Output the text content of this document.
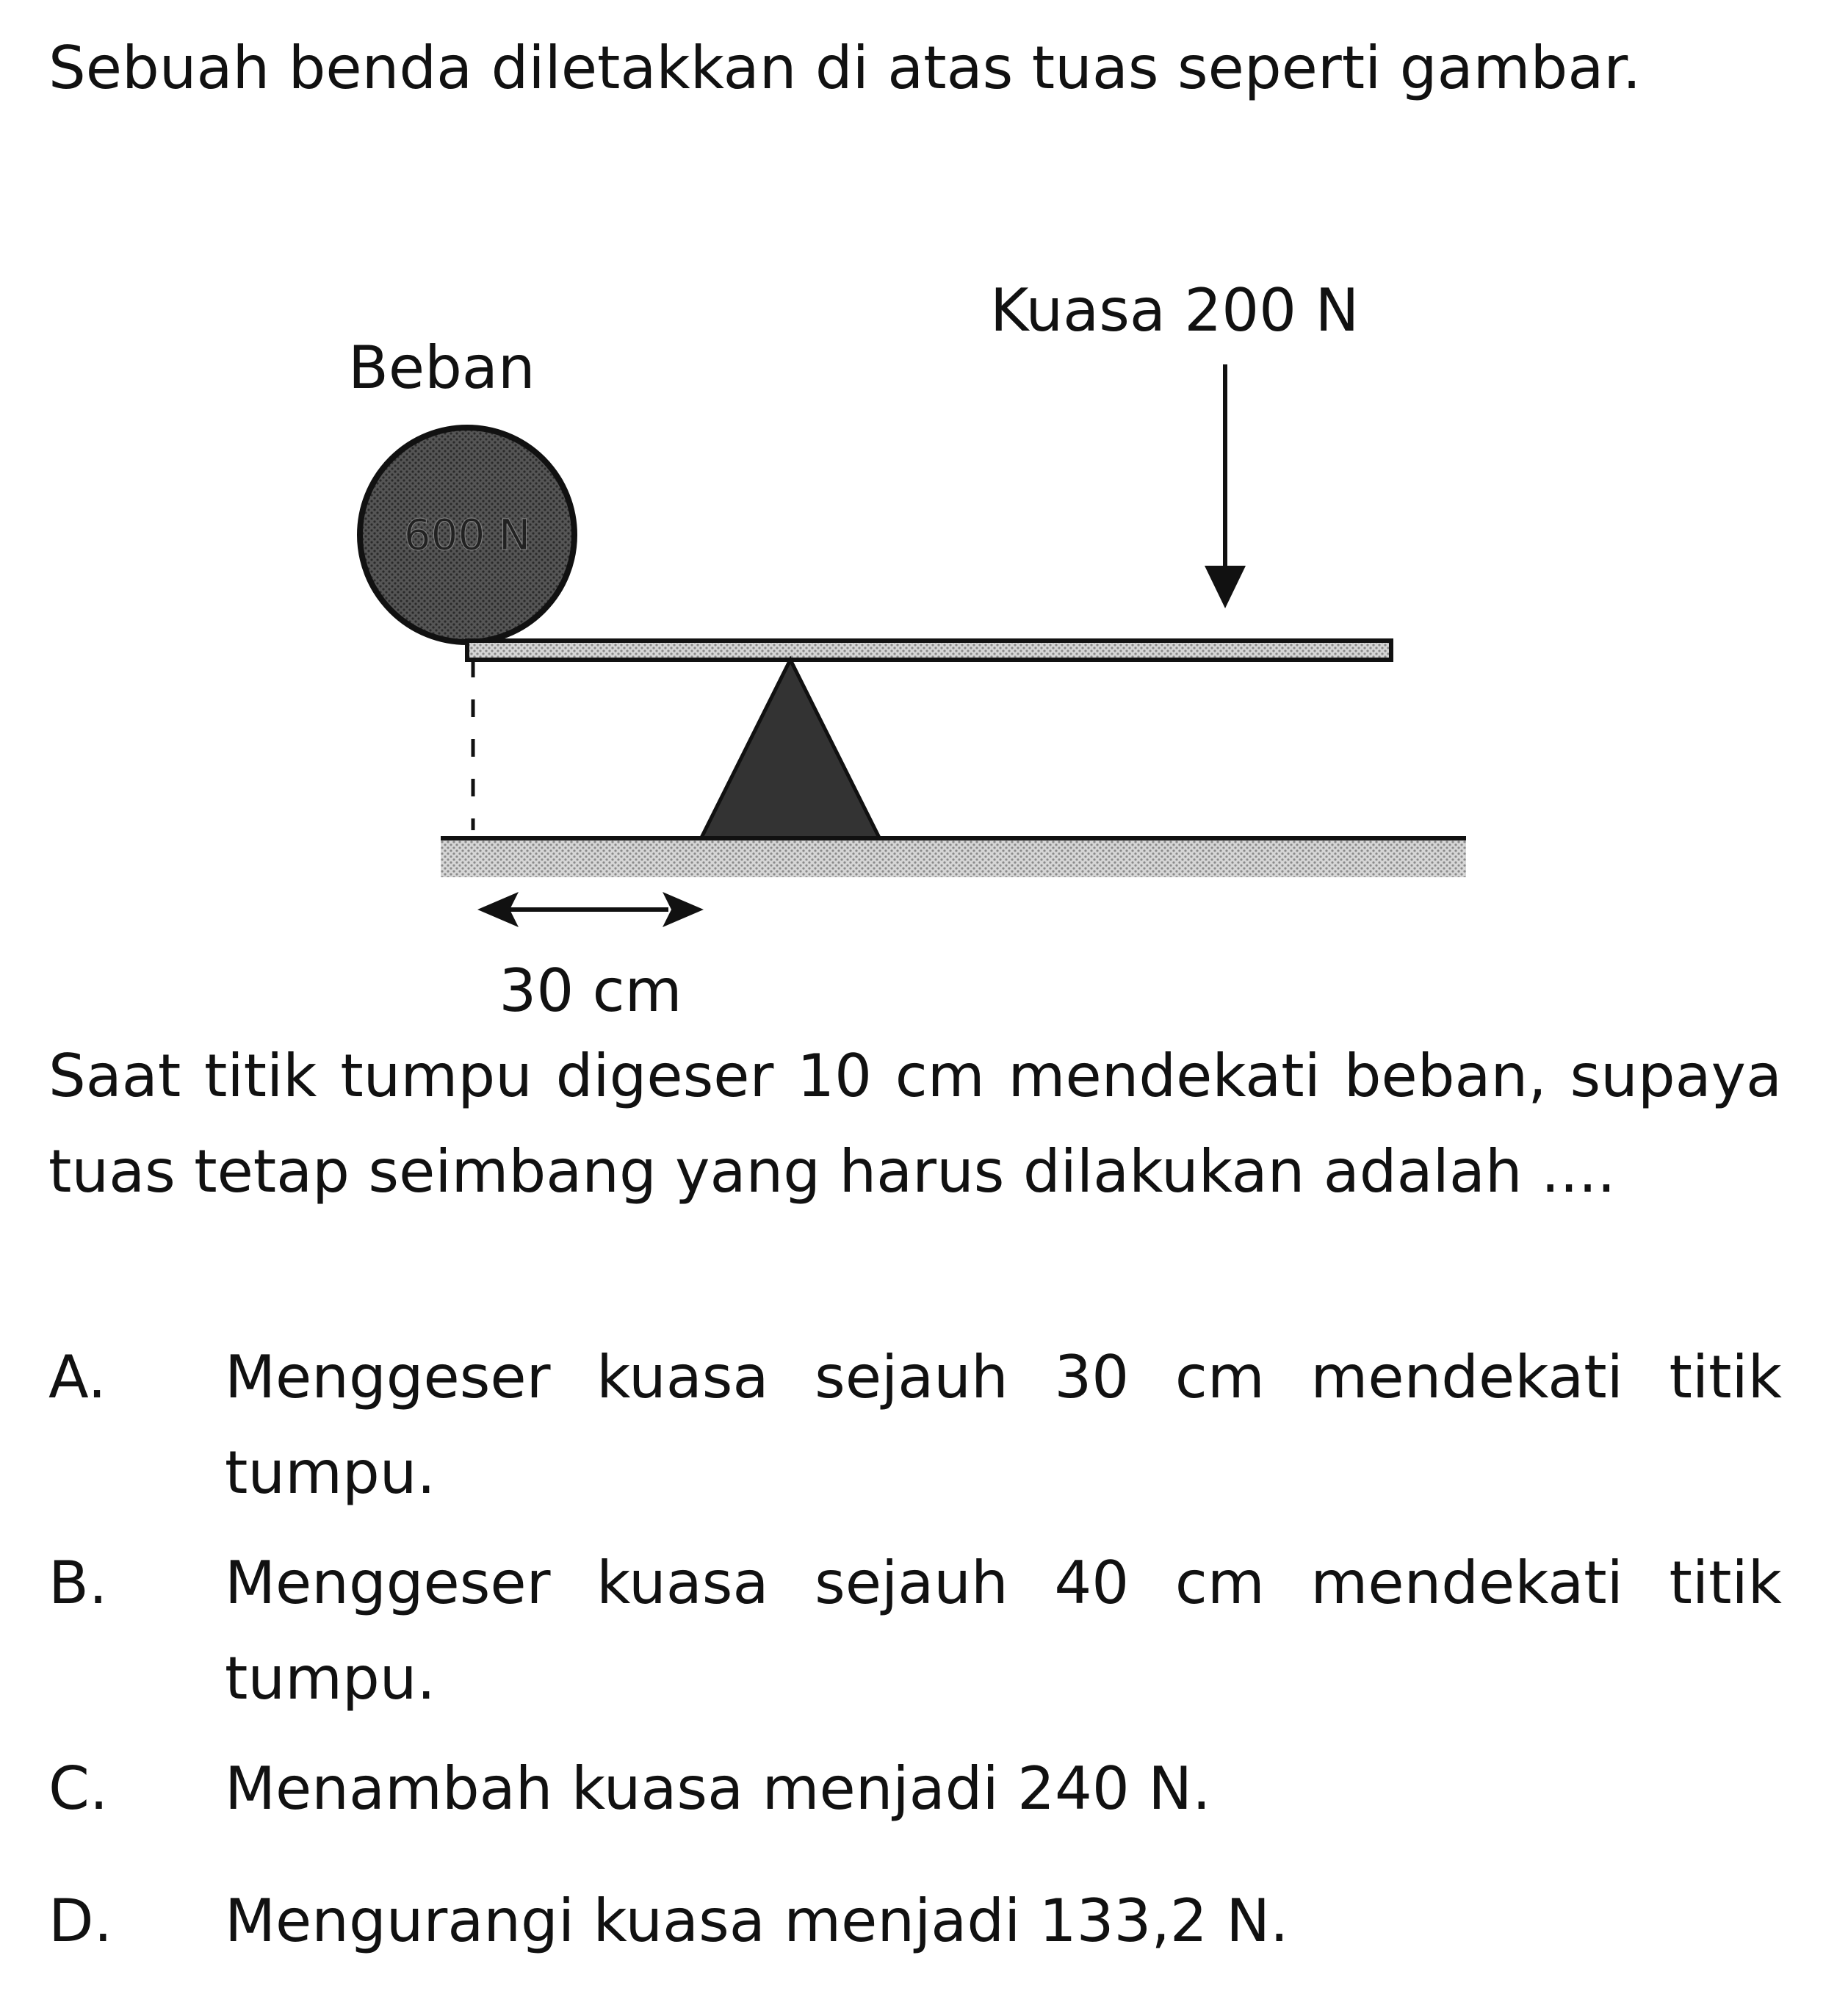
Sebuah benda diletakkan di atas tuas seperti gambar.
Beban
600 N
Kuasa 200 N
30 cm
Saat titik tumpu digeser 10 cm mendekati beban, supaya tuas tetap seimbang yang harus dilakukan adalah ....
A. Menggeser kuasa sejauh 30 cm mendekati titik tumpu.
B. Menggeser kuasa sejauh 40 cm mendekati titik tumpu.
C. Menambah kuasa menjadi 240 N.
D. Mengurangi kuasa menjadi 133,2 N.
